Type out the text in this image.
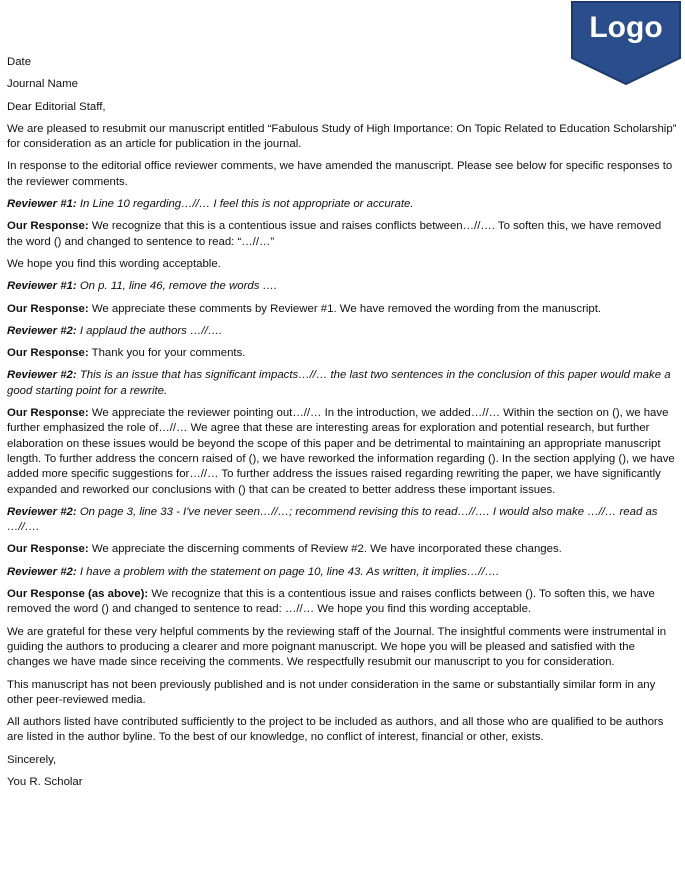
Logo

Date

Journal Name

Dear Editorial Staff,

We are pleased to resubmit our manuscript entitled “Fabulous Study of High Importance: On Topic Related to Education Scholarship” for consideration as an article for publication in the journal.

In response to the editorial office reviewer comments, we have amended the manuscript. Please see below for specific responses to the reviewer comments.

Reviewer #1: In Line 10 regarding…//… I feel this is not appropriate or accurate.

Our Response: We recognize that this is a contentious issue and raises conflicts between…//…. To soften this, we have removed the word () and changed to sentence to read: “…//…”

We hope you find this wording acceptable.

Reviewer #1: On p. 11, line 46, remove the words ….

Our Response: We appreciate these comments by Reviewer #1. We have removed the wording from the manuscript.

Reviewer #2: I applaud the authors …//….

Our Response: Thank you for your comments.

Reviewer #2: This is an issue that has significant impacts…//… the last two sentences in the conclusion of this paper would make a good starting point for a rewrite.

Our Response: We appreciate the reviewer pointing out…//… In the introduction, we added…//… Within the section on (), we have further emphasized the role of…//… We agree that these are interesting areas for exploration and potential research, but further elaboration on these issues would be beyond the scope of this paper and be detrimental to maintaining an appropriate manuscript length. To further address the concern raised of (), we have reworked the information regarding (). In the section applying (), we have added more specific suggestions for…//… To further address the issues raised regarding rewriting the paper, we have significantly expanded and reworked our conclusions with () that can be created to better address these important issues.

Reviewer #2: On page 3, line 33 - I've never seen…//…; recommend revising this to read…//…. I would also make …//… read as …//….

Our Response: We appreciate the discerning comments of Review #2. We have incorporated these changes.

Reviewer #2: I have a problem with the statement on page 10, line 43. As written, it implies…//….

Our Response (as above): We recognize that this is a contentious issue and raises conflicts between (). To soften this, we have removed the word () and changed to sentence to read: …//… We hope you find this wording acceptable.

We are grateful for these very helpful comments by the reviewing staff of the Journal. The insightful comments were instrumental in guiding the authors to producing a clearer and more poignant manuscript. We hope you will be pleased and satisfied with the changes we have made since receiving the comments. We respectfully resubmit our manuscript to you for consideration.

This manuscript has not been previously published and is not under consideration in the same or substantially similar form in any other peer-reviewed media.

All authors listed have contributed sufficiently to the project to be included as authors, and all those who are qualified to be authors are listed in the author byline. To the best of our knowledge, no conflict of interest, financial or other, exists.

Sincerely,

You R. Scholar
